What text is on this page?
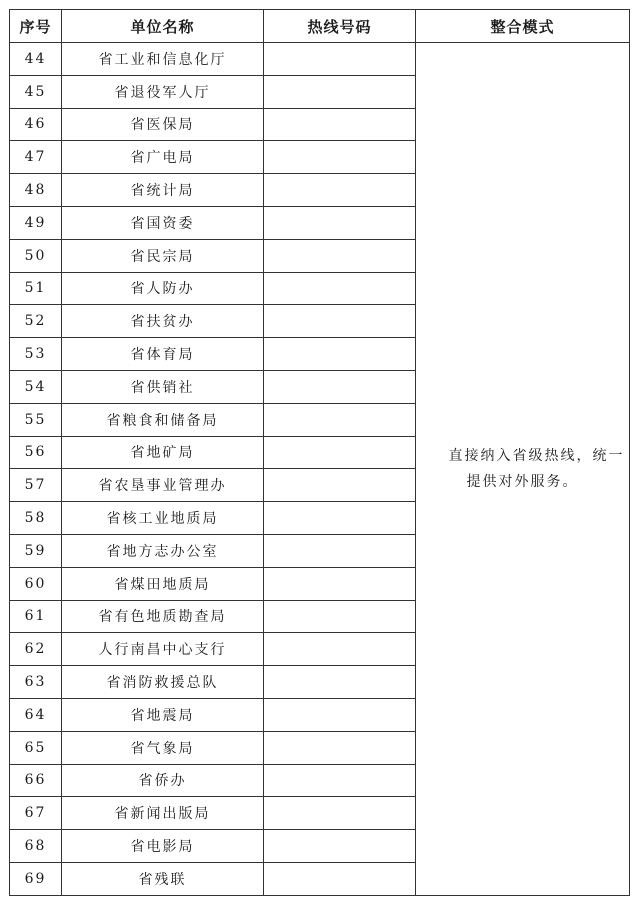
序号	单位名称	热线号码	整合模式
44	省工业和信息化厅		直接纳入省级热线，统一提供对外服务。
45	省退役军人厅		
46	省医保局		
47	省广电局		
48	省统计局		
49	省国资委		
50	省民宗局		
51	省人防办		
52	省扶贫办		
53	省体育局		
54	省供销社		
55	省粮食和储备局		
56	省地矿局		
57	省农垦事业管理办		
58	省核工业地质局		
59	省地方志办公室		
60	省煤田地质局		
61	省有色地质勘查局		
62	人行南昌中心支行		
63	省消防救援总队		
64	省地震局		
65	省气象局		
66	省侨办		
67	省新闻出版局		
68	省电影局		
69	省残联		
